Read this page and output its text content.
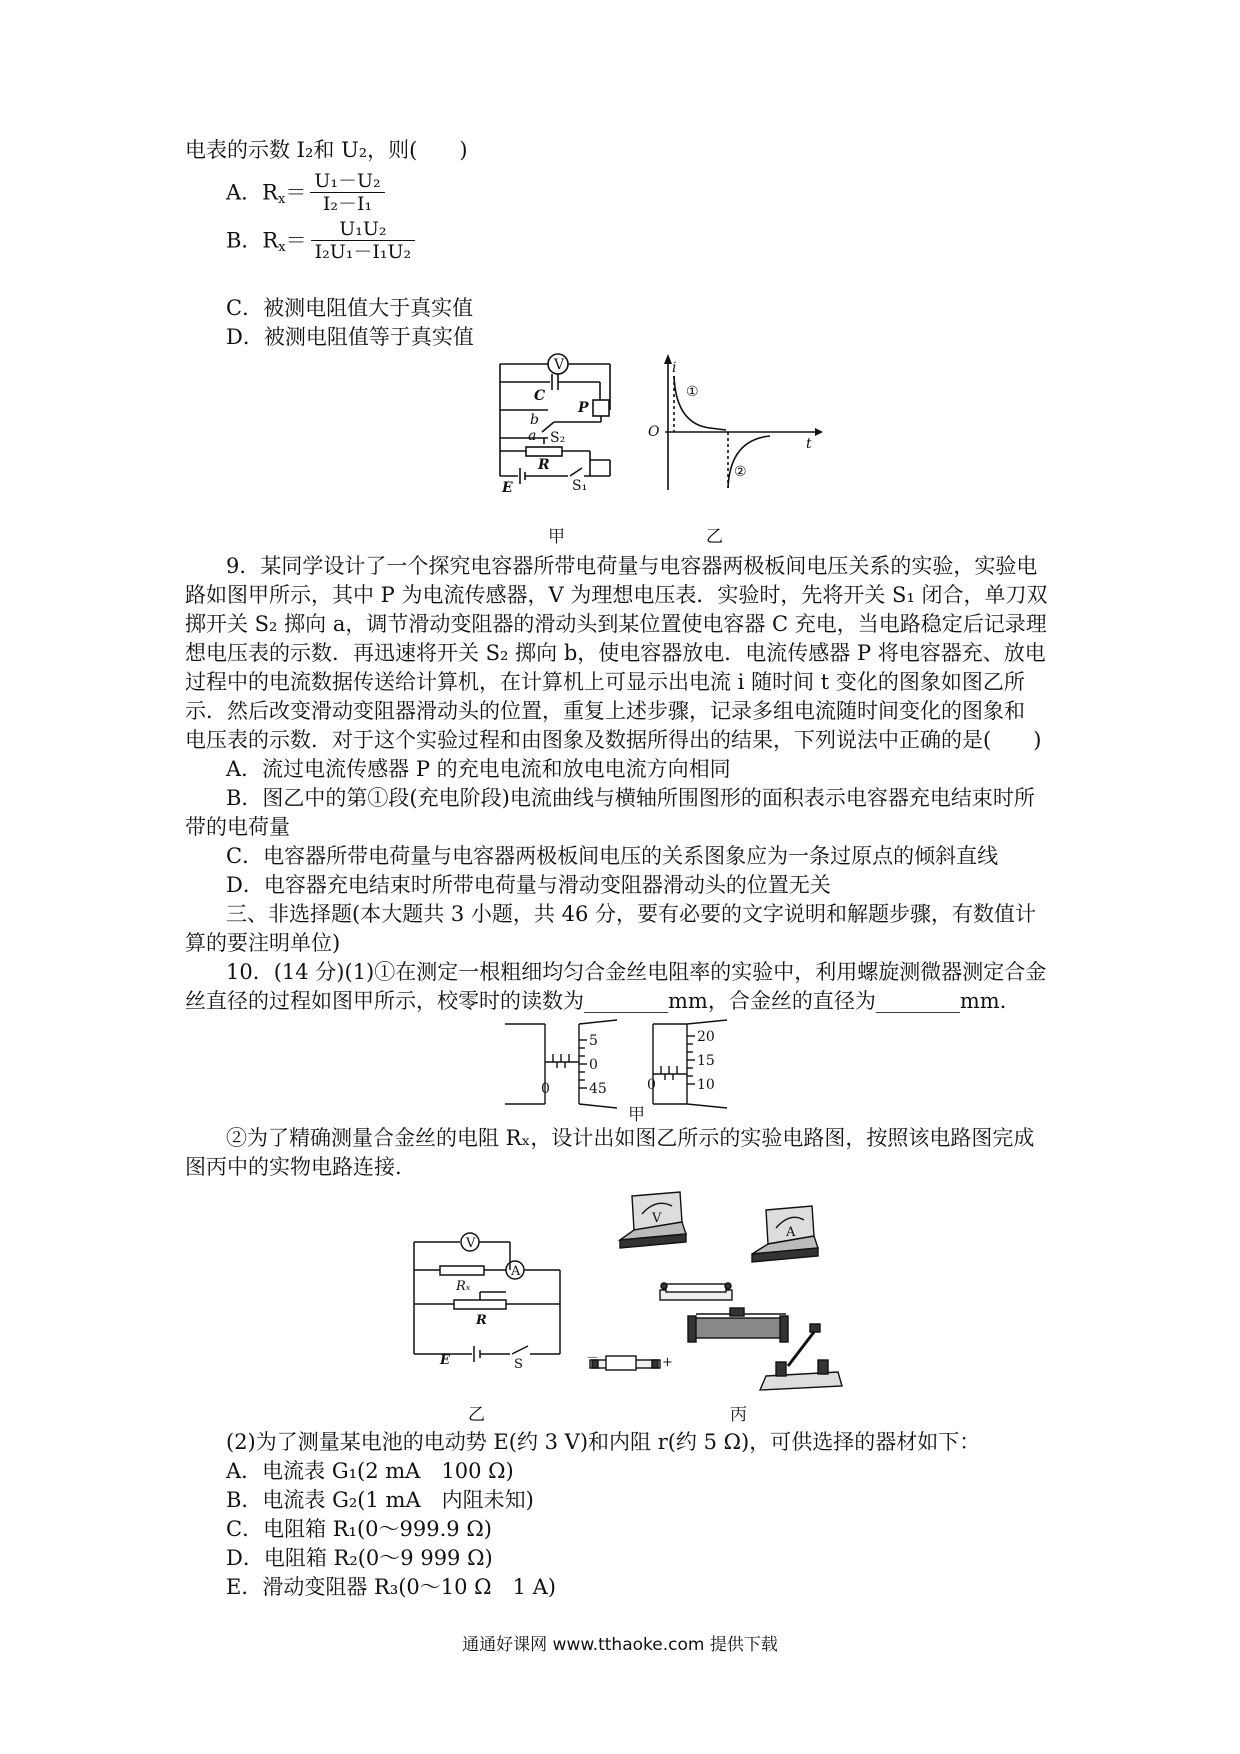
电表的示数 I₂和 U₂，则(　　)
A．$R_x= \frac{\text{U₁－U₂}}{\text{I₂－I₁}}$
B．$R_x= \frac{\text{U₁U₂}}{\text{I₂U₁－I₁U₂}}$
C．被测电阻值大于真实值
D．被测电阻值等于真实值
V
C
P
b
a S₂
R
E	S₁
i
O
t
①
②
甲	乙
9．某同学设计了一个探究电容器所带电荷量与电容器两极板间电压关系的实验，实验电
路如图甲所示，其中 P 为电流传感器，V 为理想电压表．实验时，先将开关 S₁ 闭合，单刀双
掷开关 S₂ 掷向 a，调节滑动变阻器的滑动头到某位置使电容器 C 充电，当电路稳定后记录理
想电压表的示数．再迅速将开关 S₂ 掷向 b，使电容器放电．电流传感器 P 将电容器充、放电
过程中的电流数据传送给计算机，在计算机上可显示出电流 i 随时间 t 变化的图象如图乙所
示．然后改变滑动变阻器滑动头的位置，重复上述步骤，记录多组电流随时间变化的图象和
电压表的示数．对于这个实验过程和由图象及数据所得出的结果，下列说法中正确的是(　　)
A．流过电流传感器 P 的充电电流和放电电流方向相同
B．图乙中的第①段(充电阶段)电流曲线与横轴所围图形的面积表示电容器充电结束时所
带的电荷量
C．电容器所带电荷量与电容器两极板间电压的关系图象应为一条过原点的倾斜直线
D．电容器充电结束时所带电荷量与滑动变阻器滑动头的位置无关
三、非选择题(本大题共 3 小题，共 46 分，要有必要的文字说明和解题步骤，有数值计
算的要注明单位)
10．(14 分)(1)①在测定一根粗细均匀合金丝电阻率的实验中，利用螺旋测微器测定合金
丝直径的过程如图甲所示，校零时的读数为________mm，合金丝的直径为________mm.
5
0
45
0
20
15
10
0
甲
②为了精确测量合金丝的电阻 Rₓ，设计出如图乙所示的实验电路图，按照该电路图完成
图丙中的实物电路连接.
V
A
Rₓ
R
E	S
乙
V
A
－	+
丙
(2)为了测量某电池的电动势 E(约 3 V)和内阻 r(约 5 Ω)，可供选择的器材如下：
A．电流表 G₁(2 mA　100 Ω)
B．电流表 G₂(1 mA　内阻未知)
C．电阻箱 R₁(0～999.9 Ω)
D．电阻箱 R₂(0～9 999 Ω)
E．滑动变阻器 R₃(0～10 Ω　1 A)
通通好课网 www.tthaoke.com 提供下载
